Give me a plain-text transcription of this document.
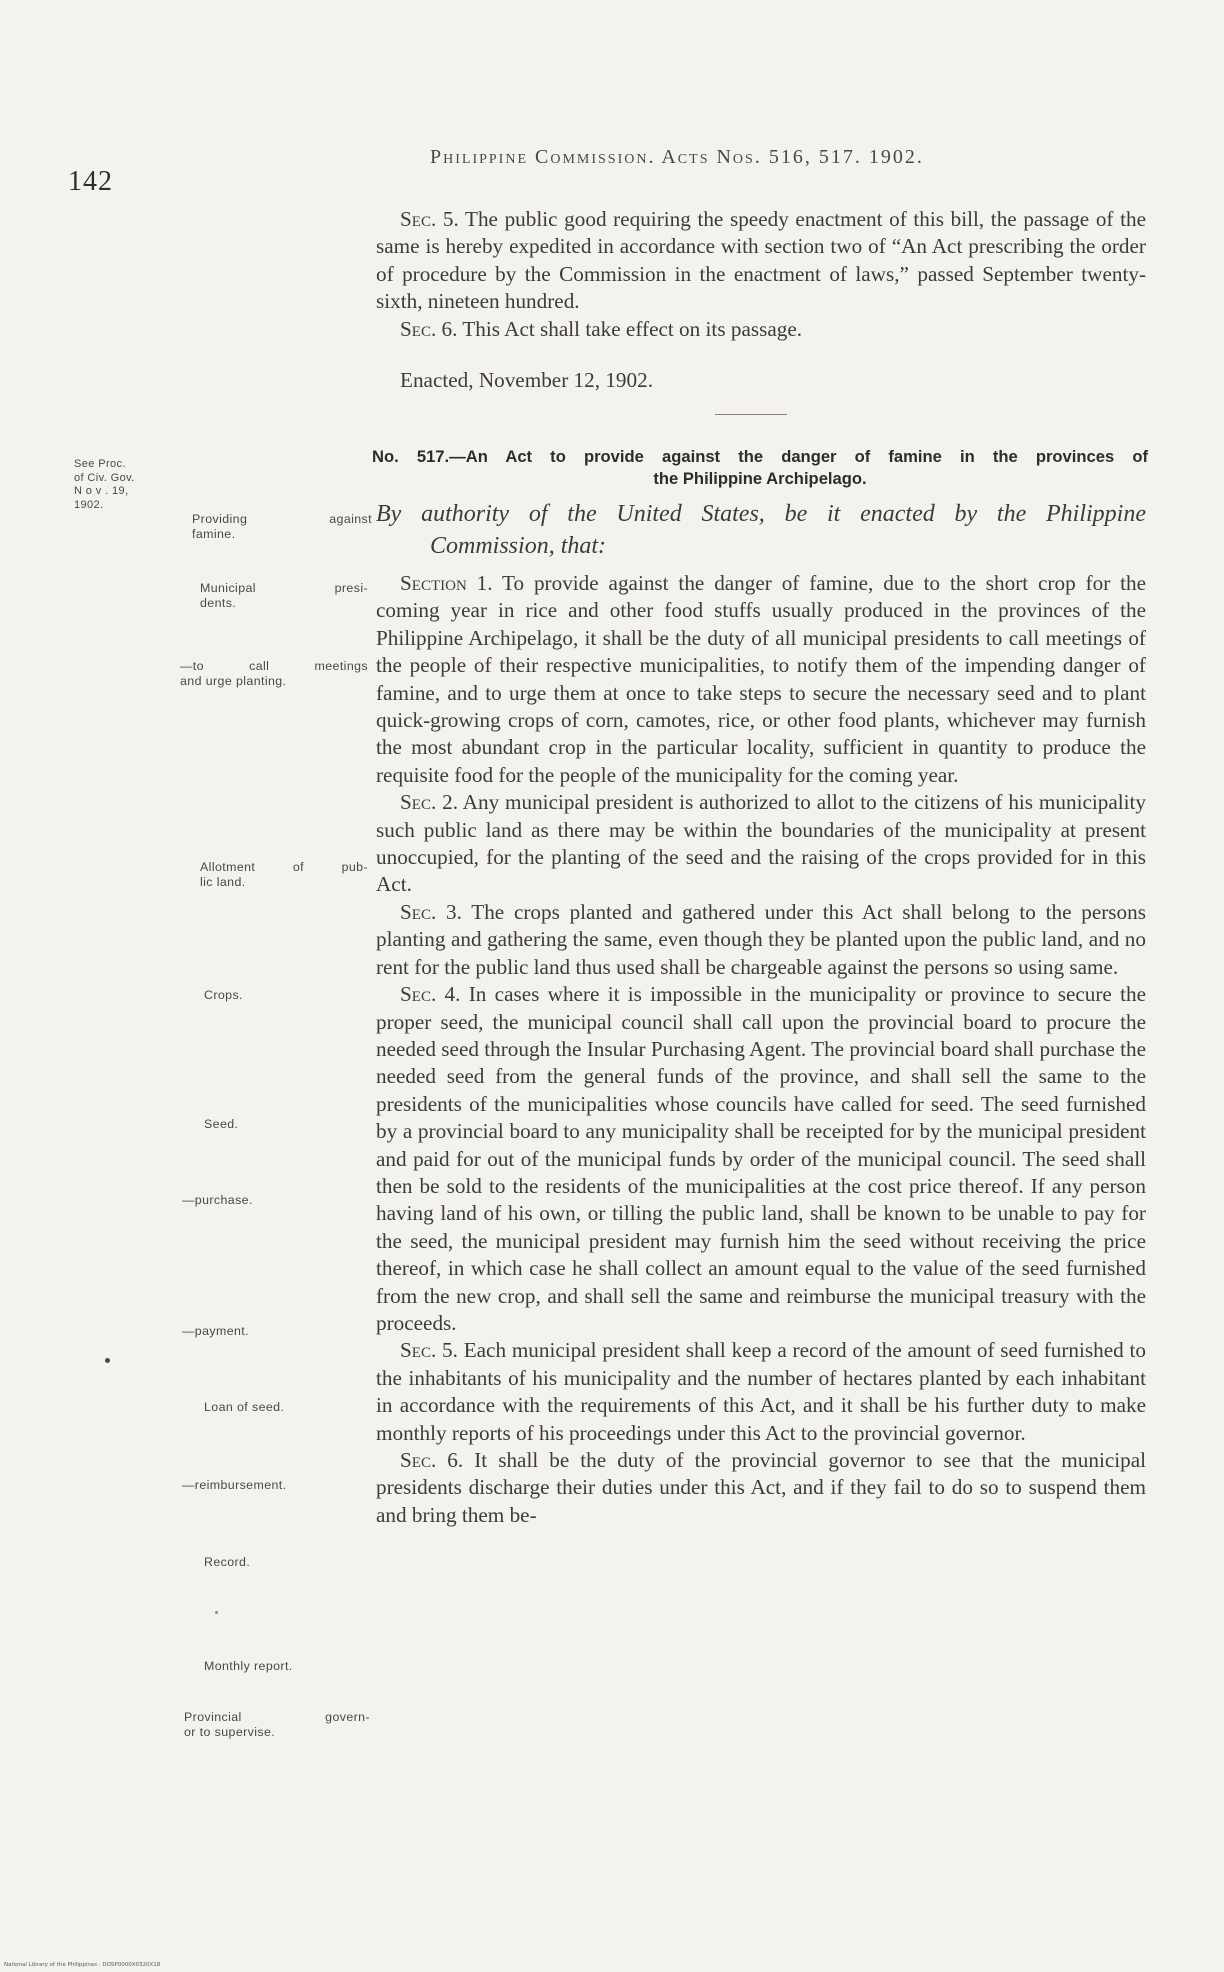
142
Philippine Commission. Acts Nos. 516, 517. 1902.

Sec. 5. The public good requiring the speedy enactment of this bill, the passage of the same is hereby expedited in accordance with section two of “An Act prescribing the order of procedure by the Commission in the enactment of laws,” passed September twenty-sixth, nineteen hundred.

Sec. 6. This Act shall take effect on its passage.

Enacted, November 12, 1902.
No. 517.—An Act to provide against the danger of famine in the provinces of
the Philippine Archipelago.
By authority of the United States, be it enacted by the Philippine
Commission, that:

Section 1. To provide against the danger of famine, due to the short crop for the coming year in rice and other food stuffs usually produced in the provinces of the Philippine Archipelago, it shall be the duty of all municipal presidents to call meetings of the people of their respective municipalities, to notify them of the impending danger of famine, and to urge them at once to take steps to secure the necessary seed and to plant quick-growing crops of corn, camotes, rice, or other food plants, whichever may furnish the most abundant crop in the particular locality, sufficient in quantity to produce the requisite food for the people of the municipality for the coming year.

Sec. 2. Any municipal president is authorized to allot to the citizens of his municipality such public land as there may be within the boundaries of the municipality at present unoccupied, for the planting of the seed and the raising of the crops provided for in this Act.

Sec. 3. The crops planted and gathered under this Act shall belong to the persons planting and gathering the same, even though they be planted upon the public land, and no rent for the public land thus used shall be chargeable against the persons so using same.

Sec. 4. In cases where it is impossible in the municipality or province to secure the proper seed, the municipal council shall call upon the provincial board to procure the needed seed through the Insular Purchasing Agent. The provincial board shall purchase the needed seed from the general funds of the province, and shall sell the same to the presidents of the municipalities whose councils have called for seed. The seed furnished by a provincial board to any municipality shall be receipted for by the municipal president and paid for out of the municipal funds by order of the municipal council. The seed shall then be sold to the residents of the municipalities at the cost price thereof. If any person having land of his own, or tilling the public land, shall be known to be unable to pay for the seed, the municipal president may furnish him the seed without receiving the price thereof, in which case he shall collect an amount equal to the value of the seed furnished from the new crop, and shall sell the same and reimburse the municipal treasury with the proceeds.

Sec. 5. Each municipal president shall keep a record of the amount of seed furnished to the inhabitants of his municipality and the number of hectares planted by each inhabitant in accordance with the requirements of this Act, and it shall be his further duty to make monthly reports of his proceedings under this Act to the provincial governor.

Sec. 6. It shall be the duty of the provincial governor to see that the municipal presidents discharge their duties under this Act, and if they fail to do so to suspend them and bring them be-

See Proc.
of Civ. Gov.
N o v . 19,
1902.
Providing against
famine.
Municipal presi-
dents.
—to call meetings
and urge planting.
Allotment of pub-
lic land.
Crops.
Seed.
—purchase.
—payment.
Loan of seed.
—reimbursement.
Record.
Monthly report.
Provincial govern-
or to supervise.
National Library of the Philippines · DOSP0000X0320X18
